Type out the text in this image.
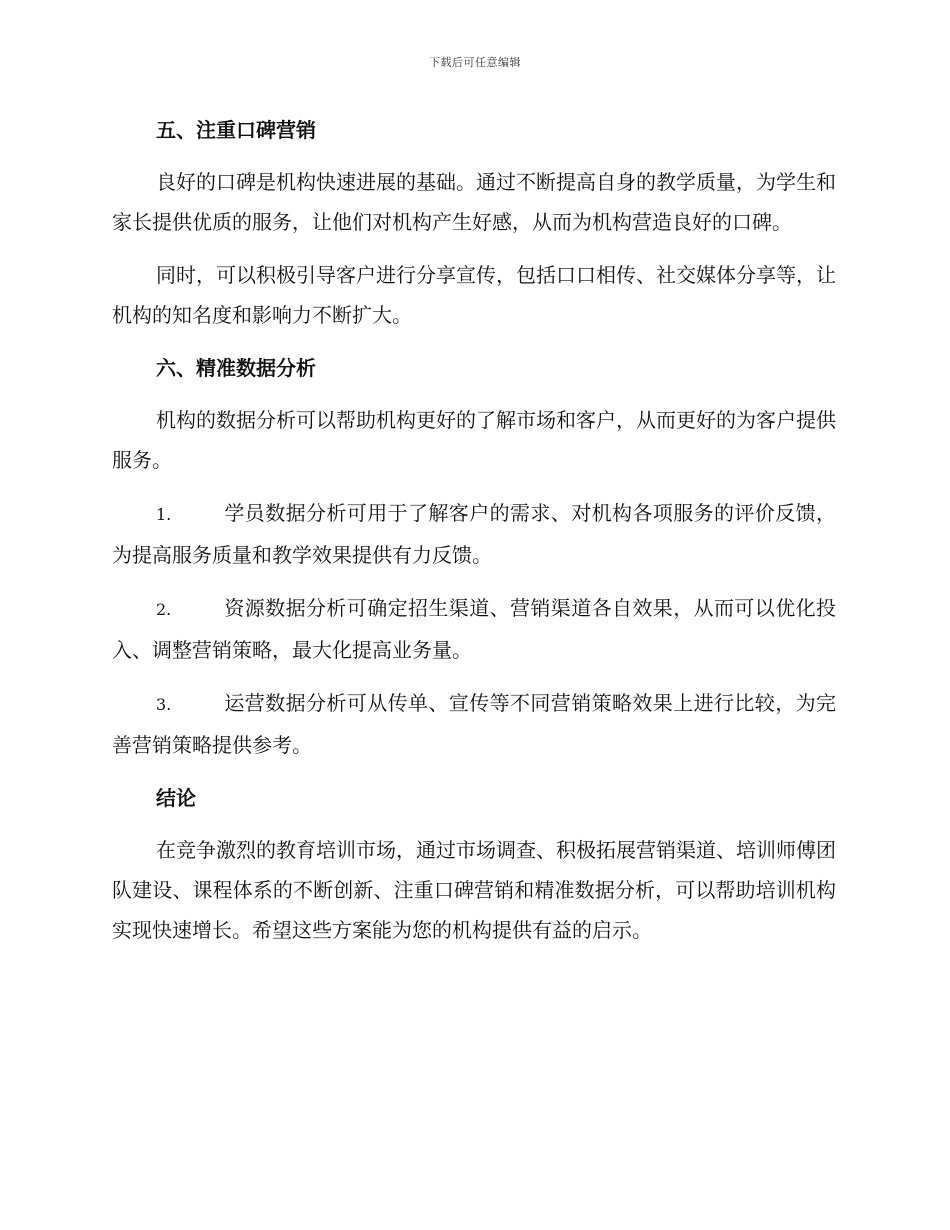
下载后可任意编辑
五、注重口碑营销

良好的口碑是机构快速进展的基础。通过不断提高自身的教学质量，为学生和家长提供优质的服务，让他们对机构产生好感，从而为机构营造良好的口碑。

同时，可以积极引导客户进行分享宣传，包括口口相传、社交媒体分享等，让机构的知名度和影响力不断扩大。

六、精准数据分析

机构的数据分析可以帮助机构更好的了解市场和客户，从而更好的为客户提供服务。

1.	学员数据分析可用于了解客户的需求、对机构各项服务的评价反馈，为提高服务质量和教学效果提供有力反馈。

2.	资源数据分析可确定招生渠道、营销渠道各自效果，从而可以优化投入、调整营销策略，最大化提高业务量。

3.	运营数据分析可从传单、宣传等不同营销策略效果上进行比较，为完善营销策略提供参考。

结论

在竞争激烈的教育培训市场，通过市场调查、积极拓展营销渠道、培训师傅团队建设、课程体系的不断创新、注重口碑营销和精准数据分析，可以帮助培训机构实现快速增长。希望这些方案能为您的机构提供有益的启示。
